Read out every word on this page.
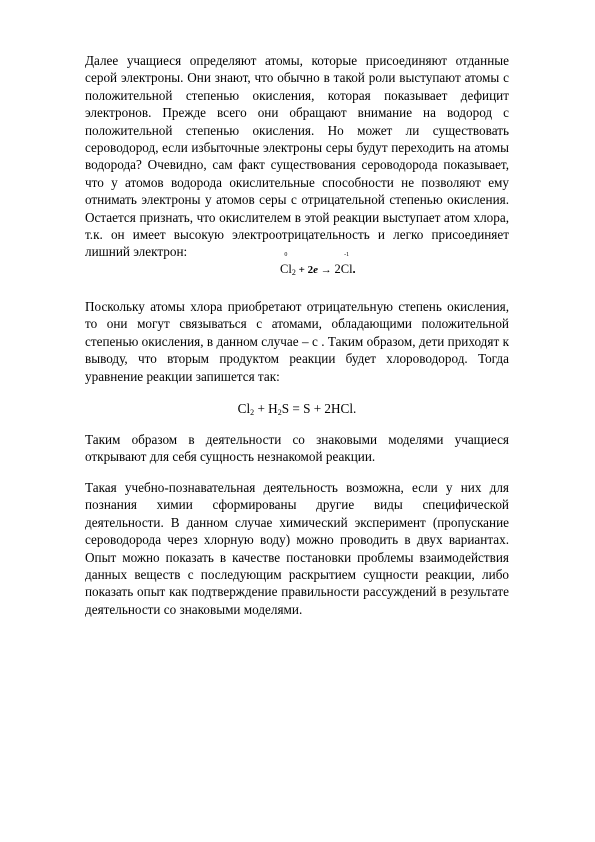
Далее учащиеся определяют атомы, которые присоединяют отданные серой электроны. Они знают, что обычно в такой роли выступают атомы с положительной степенью окисления, которая показывает дефицит электронов. Прежде всего они обращают внимание на водород с положительной степенью окисления. Но может ли существовать сероводород, если избыточные электроны серы будут переходить на атомы водорода? Очевидно, сам факт существования сероводорода показывает, что у атомов водорода окислительные способности не позволяют ему отнимать электроны у атомов серы с отрицательной степенью окисления. Остается признать, что окислителем в этой реакции выступает атом хлора, т.к. он имеет высокую электроотрицательность и легко присоединяет лишний электрон:	0
$Cl_2 + 2e \to 2$
-1
Cl.

Поскольку атомы хлора приобретают отрицательную степень окисления, то они могут связываться с атомами, обладающими положительной степенью окисления, в данном случае – с . Таким образом, дети приходят к выводу, что вторым продуктом реакции будет хлороводород. Тогда уравнение реакции запишется так:

$Cl_2 + H_2S = S + 2HCl$.

Таким образом в деятельности со знаковыми моделями учащиеся открывают для себя сущность незнакомой реакции.

Такая учебно-познавательная деятельность возможна, если у них для познания химии сформированы другие виды специфической деятельности. В данном случае химический эксперимент (пропускание сероводорода через хлорную воду) можно проводить в двух вариантах. Опыт можно показать в качестве постановки проблемы взаимодействия данных веществ с последующим раскрытием сущности реакции, либо показать опыт как подтверждение правильности рассуждений в результате деятельности со знаковыми моделями.
